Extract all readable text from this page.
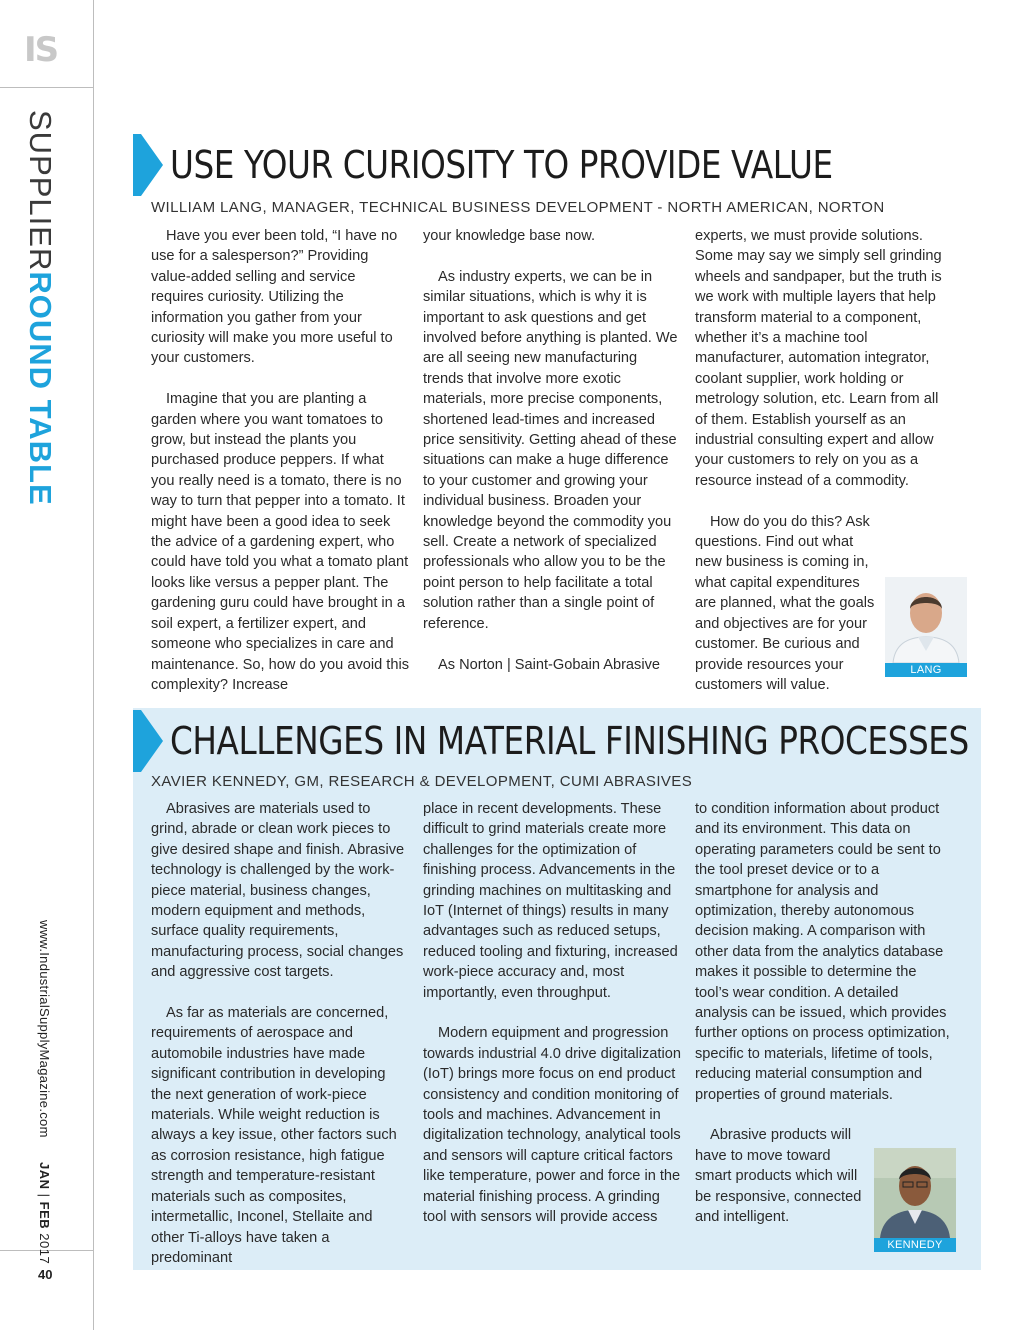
IS
SUPPLIERROUND TABLE
www.IndustrialSupplyMagazine.com
JAN | FEB 2017
40
USE YOUR CURIOSITY TO PROVIDE VALUE
WILLIAM LANG, MANAGER, TECHNICAL BUSINESS DEVELOPMENT - NORTH AMERICAN, NORTON

Have you ever been told, “I have no use for a salesperson?” Providing value-added selling and service requires curiosity. Utilizing the information you gather from your curiosity will make you more useful to your customers.

Imagine that you are planting a garden where you want tomatoes to grow, but instead the plants you purchased produce peppers. If what you really need is a tomato, there is no way to turn that pepper into a tomato. It might have been a good idea to seek the advice of a gardening expert, who could have told you what a tomato plant looks like versus a pepper plant. The gardening guru could have brought in a soil expert, a fertilizer expert, and someone who specializes in care and maintenance. So, how do you avoid this complexity? Increase

your knowledge base now.

As industry experts, we can be in similar situations, which is why it is important to ask questions and get involved before anything is planted. We are all seeing new manufacturing trends that involve more exotic materials, more precise components, shortened lead-times and increased price sensitivity. Getting ahead of these situations can make a huge difference to your customer and growing your individual business. Broaden your knowledge beyond the commodity you sell. Create a network of specialized professionals who allow you to be the point person to help facilitate a total solution rather than a single point of reference.

As Norton | Saint-Gobain Abrasive

experts, we must provide solutions. Some may say we simply sell grinding wheels and sandpaper, but the truth is we work with multiple layers that help transform material to a component, whether it’s a machine tool manufacturer, automation integrator, coolant supplier, work holding or metrology solution, etc. Learn from all of them. Establish yourself as an industrial consulting expert and allow your customers to rely on you as a resource instead of a commodity.

How do you do this? Ask questions. Find out what new business is coming in, what capital expenditures are planned, what the goals and objectives are for your customer. Be curious and provide resources your customers will value.

LANG
CHALLENGES IN MATERIAL FINISHING PROCESSES
XAVIER KENNEDY, GM, RESEARCH & DEVELOPMENT, CUMI ABRASIVES

Abrasives are materials used to grind, abrade or clean work pieces to give desired shape and finish. Abrasive technology is challenged by the work-piece material, business changes, modern equipment and methods, surface quality requirements, manufacturing process, social changes and aggressive cost targets.

As far as materials are concerned, requirements of aerospace and automobile industries have made significant contribution in developing the next generation of work-piece materials. While weight reduction is always a key issue, other factors such as corrosion resistance, high fatigue strength and temperature-resistant materials such as composites, intermetallic, Inconel, Stellaite and other Ti-alloys have taken a predominant

place in recent developments. These difficult to grind materials create more challenges for the optimization of finishing process. Advancements in the grinding machines on multitasking and IoT (Internet of things) results in many advantages such as reduced setups, reduced tooling and fixturing, increased work-piece accuracy and, most importantly, even throughput.

Modern equipment and progression towards industrial 4.0 drive digitalization (IoT) brings more focus on end product consistency and condition monitoring of tools and machines. Advancement in digitalization technology, analytical tools and sensors will capture critical factors like temperature, power and force in the material finishing process. A grinding tool with sensors will provide access

to condition information about product and its environment. This data on operating parameters could be sent to the tool preset device or to a smartphone for analysis and optimization, thereby autonomous decision making. A comparison with other data from the analytics database makes it possible to determine the tool’s wear condition. A detailed analysis can be issued, which provides further options on process optimization, specific to materials, lifetime of tools, reducing material consumption and properties of ground materials.

Abrasive products will have to move toward smart products which will be responsive, connected and intelligent.

KENNEDY
